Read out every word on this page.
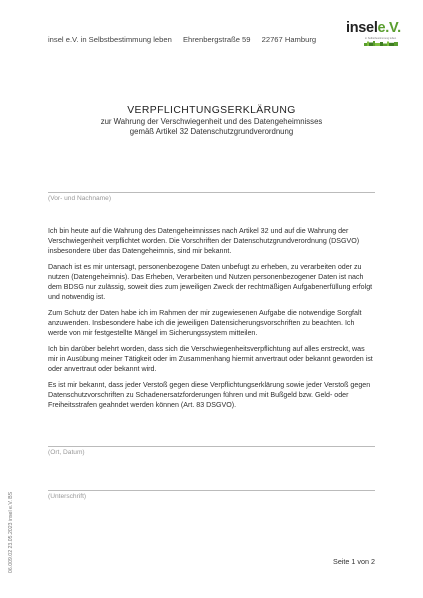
insel e.V. in Selbstbestimmung leben Ehrenbergstraße 59 22767 Hamburg
insele.V.
in Selbstbestimmung leben
VERPFLICHTUNGSERKLÄRUNG
zur Wahrung der Verschwiegenheit und des Datengeheimnisses
gemäß Artikel 32 Datenschutzgrundverordnung
(Vor- und Nachname)

Ich bin heute auf die Wahrung des Datengeheimnisses nach Artikel 32 und auf die Wahrung der Verschwiegenheit verpflichtet worden. Die Vorschriften der Datenschutzgrundverordnung (DSGVO) insbesondere über das Datengeheimnis, sind mir bekannt.

Danach ist es mir untersagt, personenbezogene Daten unbefugt zu erheben, zu verarbeiten oder zu nutzen (Datengeheimnis). Das Erheben, Verarbeiten und Nutzen personenbezogener Daten ist nach dem BDSG nur zulässig, soweit dies zum jeweiligen Zweck der rechtmäßigen Aufgabenerfüllung erfolgt und notwendig ist.

Zum Schutz der Daten habe ich im Rahmen der mir zugewiesenen Aufgabe die notwendige Sorgfalt anzuwenden. Insbesondere habe ich die jeweiligen Datensicherungsvorschriften zu beachten. Ich werde von mir festgestellte Mängel im Sicherungssystem mitteilen.

Ich bin darüber belehrt worden, dass sich die Verschwiegenheitsverpflichtung auf alles erstreckt, was mir in Ausübung meiner Tätigkeit oder im Zusammenhang hiermit anvertraut oder bekannt geworden ist oder anvertraut oder bekannt wird.

Es ist mir bekannt, dass jeder Verstoß gegen diese Verpflichtungserklärung sowie jeder Verstoß gegen Datenschutzvorschriften zu Schadenersatzforderungen führen und mit Bußgeld bzw. Geld- oder Freiheitsstrafen geahndet werden können (Art. 83 DSGVO).

(Ort, Datum)
(Unterschrift)
06.009.02 23.05.2023 insel e.V. BS	Seite 1 von 2
